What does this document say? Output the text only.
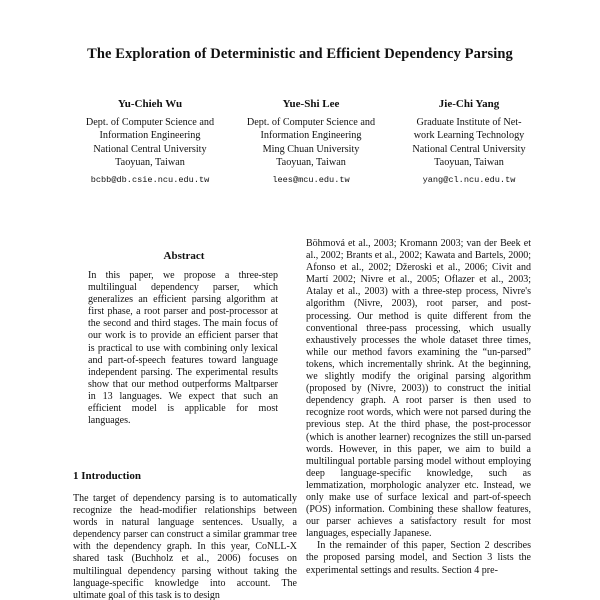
The Exploration of Deterministic and Efficient Dependency Parsing
Yu-Chieh Wu
Dept. of Computer Science and
Information Engineering
National Central University
Taoyuan, Taiwan
bcbb@db.csie.ncu.edu.tw
Yue-Shi Lee
Dept. of Computer Science and
Information Engineering
Ming Chuan University
Taoyuan, Taiwan
lees@mcu.edu.tw
Jie-Chi Yang
Graduate Institute of Net-
work Learning Technology
National Central University
Taoyuan, Taiwan
yang@cl.ncu.edu.tw
Abstract
In this paper, we propose a three-step multilingual dependency parser, which generalizes an efficient parsing algorithm at first phase, a root parser and post-processor at the second and third stages. The main focus of our work is to provide an efficient parser that is practical to use with combining only lexical and part-of-speech features toward language independent parsing. The experimental results show that our method outperforms Maltparser in 13 languages. We expect that such an efficient model is applicable for most languages.
1 Introduction
The target of dependency parsing is to automatically recognize the head-modifier relationships between words in natural language sentences. Usually, a dependency parser can construct a similar grammar tree with the dependency graph. In this year, CoNLL-X shared task (Buchholz et al., 2006) focuses on multilingual dependency parsing without taking the language-specific knowledge into account. The ultimate goal of this task is to design

Böhmová et al., 2003; Kromann 2003; van der Beek et al., 2002; Brants et al., 2002; Kawata and Bartels, 2000; Afonso et al., 2002; Džeroski et al., 2006; Civit and Martí 2002; Nivre et al., 2005; Oflazer et al., 2003; Atalay et al., 2003) with a three-step process, Nivre's algorithm (Nivre, 2003), root parser, and post-processing. Our method is quite different from the conventional three-pass processing, which usually exhaustively processes the whole dataset three times, while our method favors examining the “un-parsed” tokens, which incrementally shrink. At the beginning, we slightly modify the original parsing algorithm (proposed by (Nivre, 2003)) to construct the initial dependency graph. A root parser is then used to recognize root words, which were not parsed during the previous step. At the third phase, the post-processor (which is another learner) recognizes the still un-parsed words. However, in this paper, we aim to build a multilingual portable parsing model without employing deep language-specific knowledge, such as lemmatization, morphologic analyzer etc. Instead, we only make use of surface lexical and part-of-speech (POS) information. Combining these shallow features, our parser achieves a satisfactory result for most languages, especially Japanese.

In the remainder of this paper, Section 2 describes the proposed parsing model, and Section 3 lists the experimental settings and results. Section 4 pre-
